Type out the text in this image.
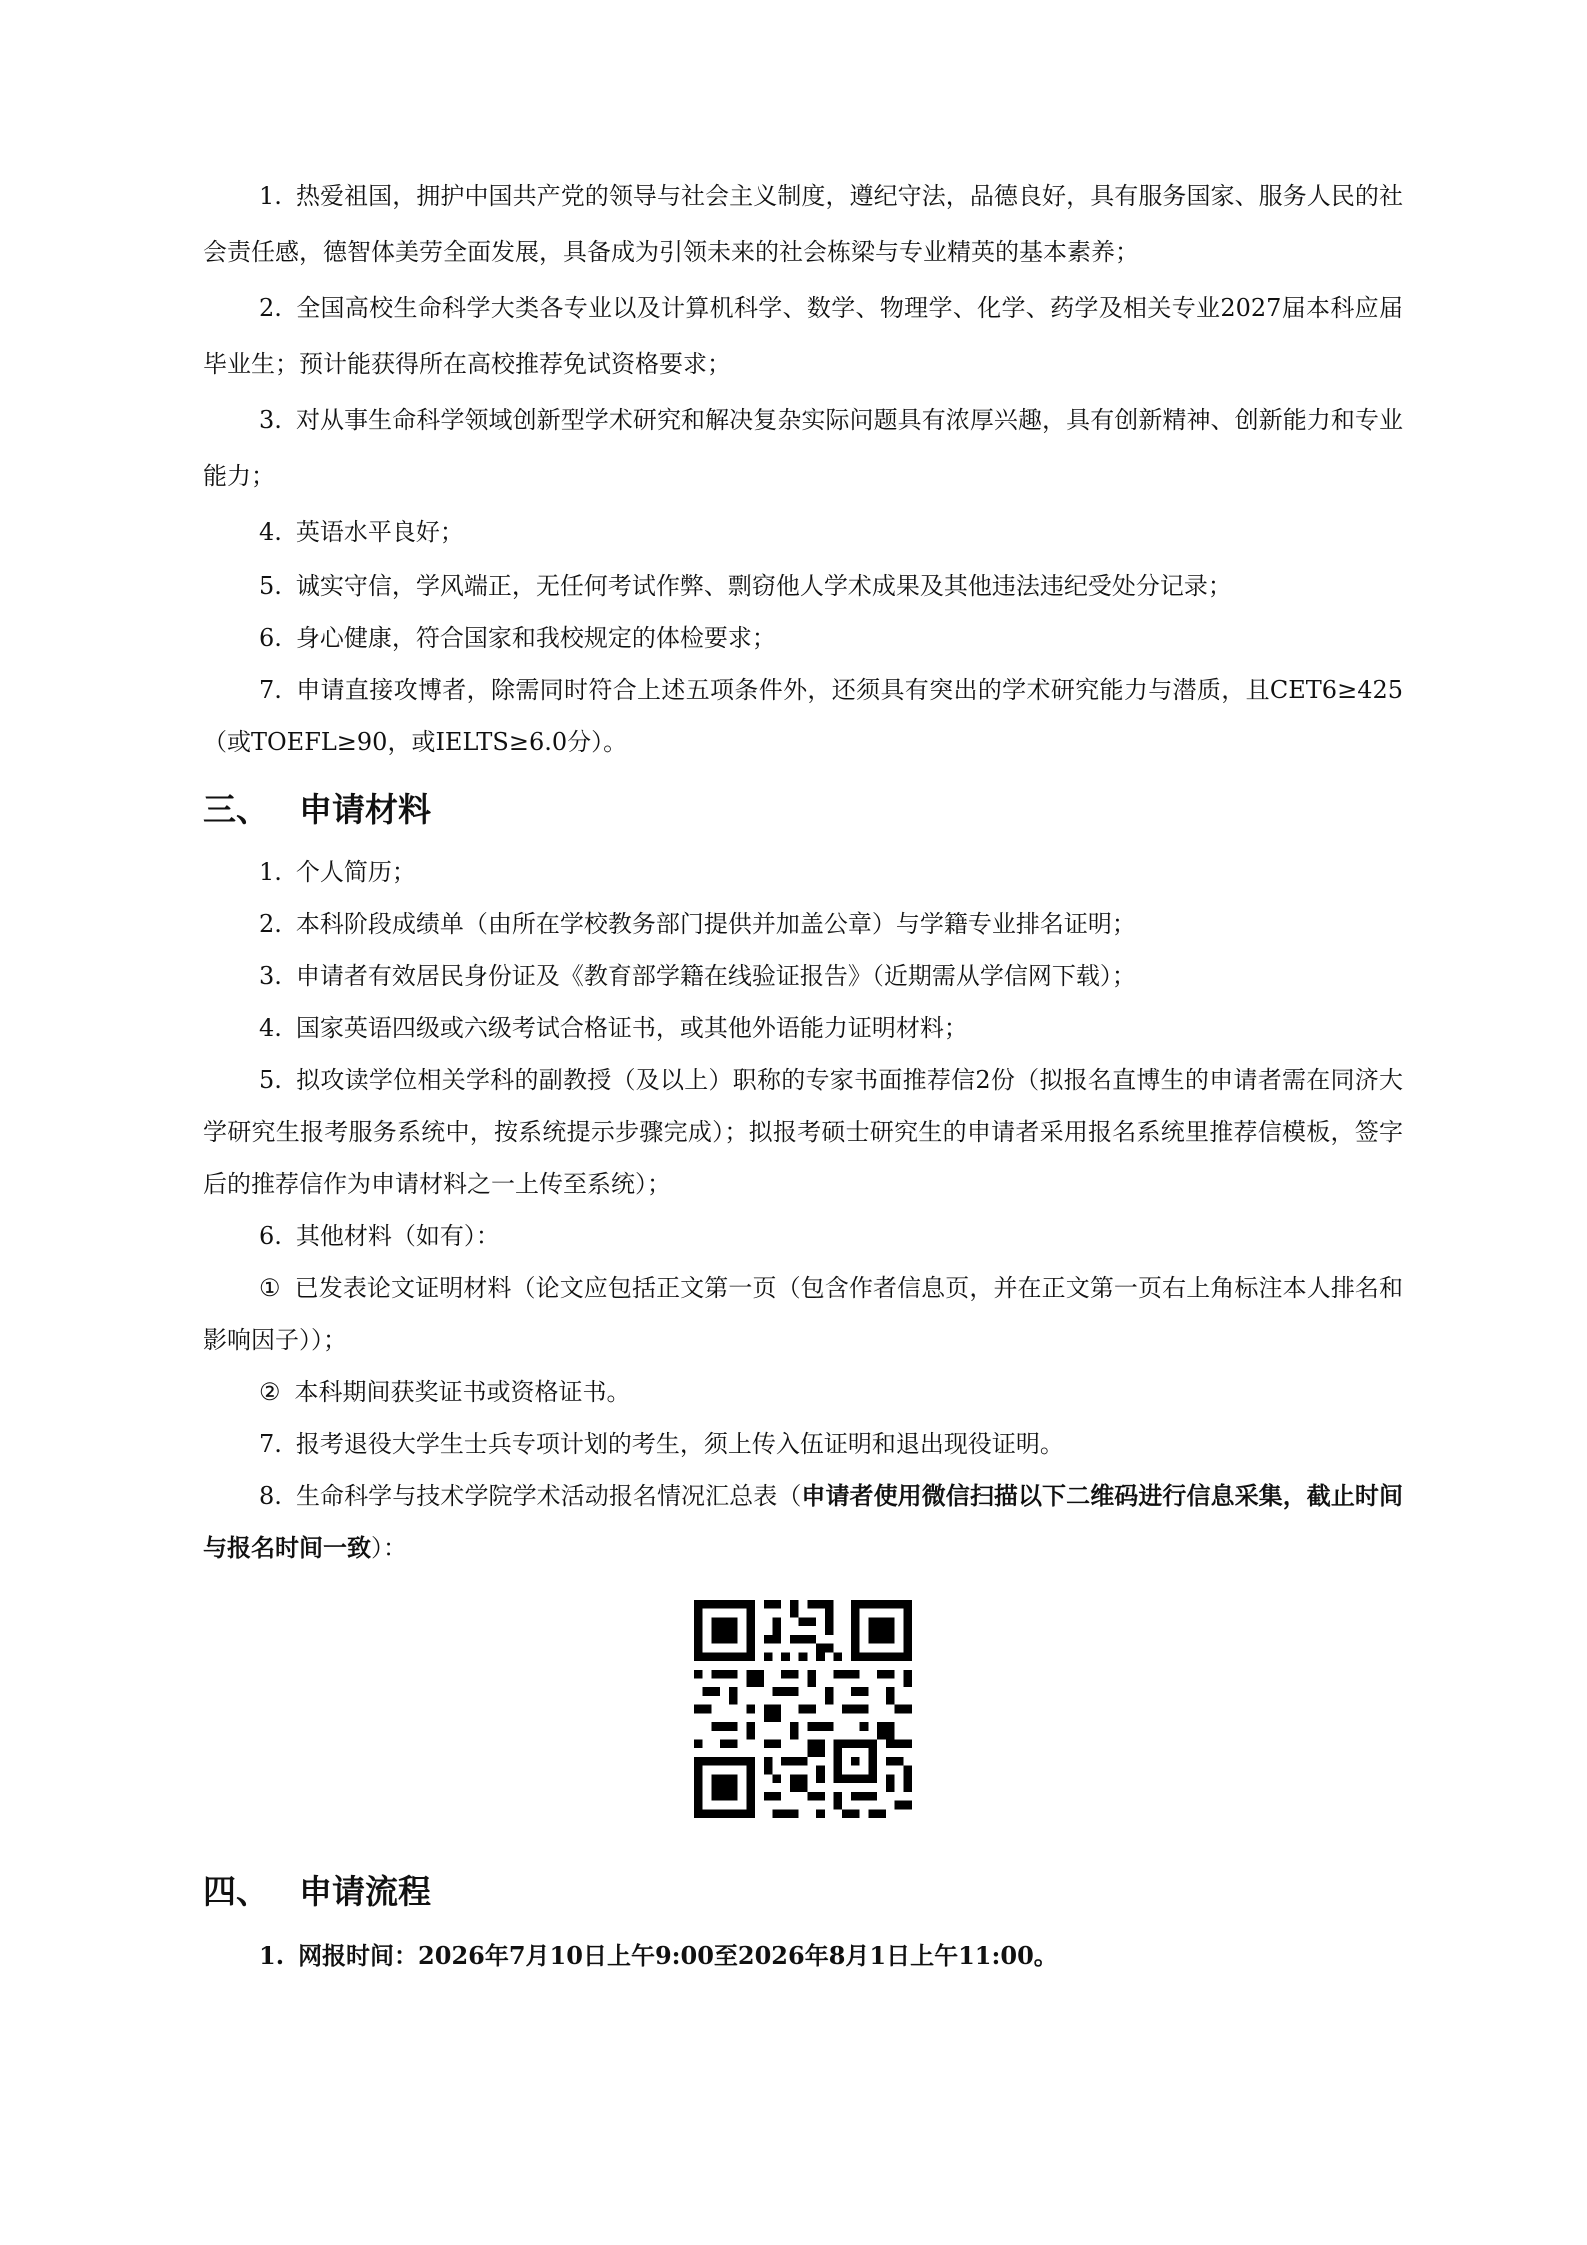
1. 热爱祖国，拥护中国共产党的领导与社会主义制度，遵纪守法，品德良好，具有服务国家、服务人民的社会责任感，德智体美劳全面发展，具备成为引领未来的社会栋梁与专业精英的基本素养；

2. 全国高校生命科学大类各专业以及计算机科学、数学、物理学、化学、药学及相关专业2027届本科应届毕业生；预计能获得所在高校推荐免试资格要求；

3. 对从事生命科学领域创新型学术研究和解决复杂实际问题具有浓厚兴趣，具有创新精神、创新能力和专业能力；

4. 英语水平良好；

5. 诚实守信，学风端正，无任何考试作弊、剽窃他人学术成果及其他违法违纪受处分记录；

6. 身心健康，符合国家和我校规定的体检要求；

7. 申请直接攻博者，除需同时符合上述五项条件外，还须具有突出的学术研究能力与潜质，且CET6≥425（或TOEFL≥90，或IELTS≥6.0分）。

三、 申请材料

1. 个人简历；

2. 本科阶段成绩单（由所在学校教务部门提供并加盖公章）与学籍专业排名证明；

3. 申请者有效居民身份证及《教育部学籍在线验证报告》（近期需从学信网下载）；

4. 国家英语四级或六级考试合格证书，或其他外语能力证明材料；

5. 拟攻读学位相关学科的副教授（及以上）职称的专家书面推荐信2份（拟报名直博生的申请者需在同济大学研究生报考服务系统中，按系统提示步骤完成）；拟报考硕士研究生的申请者采用报名系统里推荐信模板，签字后的推荐信作为申请材料之一上传至系统）；

6. 其他材料（如有）：

① 已发表论文证明材料（论文应包括正文第一页（包含作者信息页，并在正文第一页右上角标注本人排名和影响因子））；

② 本科期间获奖证书或资格证书。

7. 报考退役大学生士兵专项计划的考生，须上传入伍证明和退出现役证明。

8. 生命科学与技术学院学术活动报名情况汇总表（申请者使用微信扫描以下二维码进行信息采集，截止时间与报名时间一致）：

四、 申请流程

1. 网报时间：2026年7月10日上午9:00至2026年8月1日上午11:00。
